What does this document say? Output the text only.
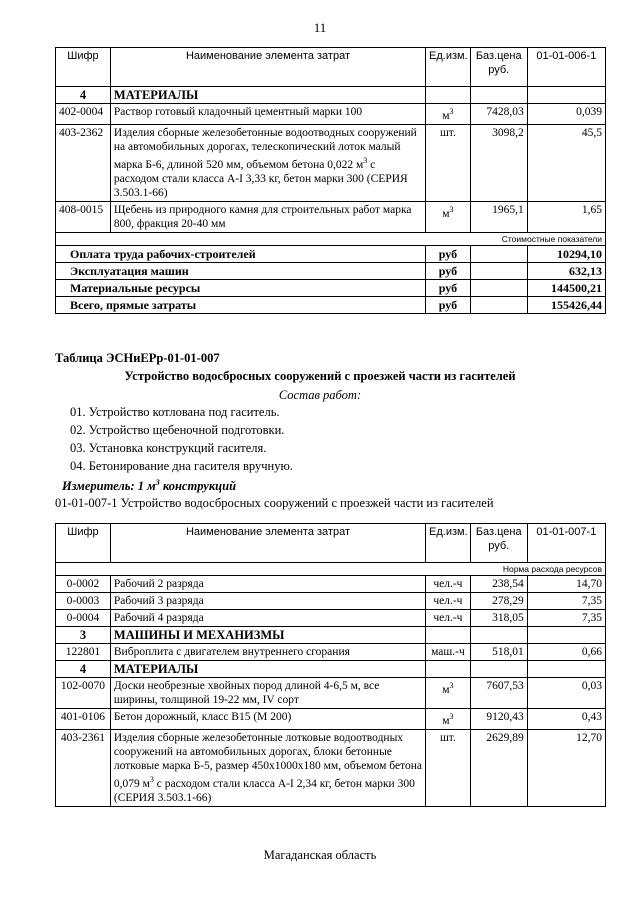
11
Шифр	Наименование элемента затрат	Ед.изм.	Баз.цена руб.	01-01-006-1
4	МАТЕРИАЛЫ			
402-0004	Раствор готовый кладочный цементный марки 100	$м^3$	7428,03	0,039
403-2362	Изделия сборные железобетонные водоотводных сооружений на автомобильных дорогах, телескопический лоток малый марка Б-6, длиной 520 мм, объемом бетона 0,022 $м^3$ с расходом стали класса А-I 3,33 кг, бетон марки 300 (СЕРИЯ 3.503.1-66)	шт.	3098,2	45,5
408-0015	Щебень из природного камня для строительных работ марка 800, фракция 20-40 мм	$м^3$	1965,1	1,65
Стоимостные показатели				
Оплата труда рабочих-строителей		руб		10294,10
Эксплуатация машин		руб		632,13
Материальные ресурсы		руб		144500,21
Всего, прямые затраты		руб		155426,44
Таблица ЭСНиЕРр-01-01-007
Устройство водосбросных сооружений с проезжей части из гасителей
Состав работ:
01. Устройство котлована под гаситель.
02. Устройство щебеночной подготовки.
03. Установка конструкций гасителя.
04. Бетонирование дна гасителя вручную.
Измеритель: 1 $м^3$ конструкций
01-01-007-1 Устройство водосбросных сооружений с проезжей части из гасителей
Шифр	Наименование элемента затрат	Ед.изм.	Баз.цена руб.	01-01-007-1
Норма расхода ресурсов				
0-0002	Рабочий 2 разряда	чел.-ч	238,54	14,70
0-0003	Рабочий 3 разряда	чел.-ч	278,29	7,35
0-0004	Рабочий 4 разряда	чел.-ч	318,05	7,35
3	МАШИНЫ И МЕХАНИЗМЫ			
122801	Виброплита с двигателем внутреннего сгорания	маш.-ч	518,01	0,66
4	МАТЕРИАЛЫ			
102-0070	Доски необрезные хвойных пород длиной 4-6,5 м, все ширины, толщиной 19-22 мм, IV сорт	$м^3$	7607,53	0,03
401-0106	Бетон дорожный, класс В15 (М 200)	$м^3$	9120,43	0,43
403-2361	Изделия сборные железобетонные лотковые водоотводных сооружений на автомобильных дорогах, блоки бетонные лотковые марка Б-5, размер 450x1000x180 мм, объемом бетона 0,079 $м^3$ с расходом стали класса А-I 2,34 кг, бетон марки 300 (СЕРИЯ 3.503.1-66)	шт.	2629,89	12,70
Магаданская область
